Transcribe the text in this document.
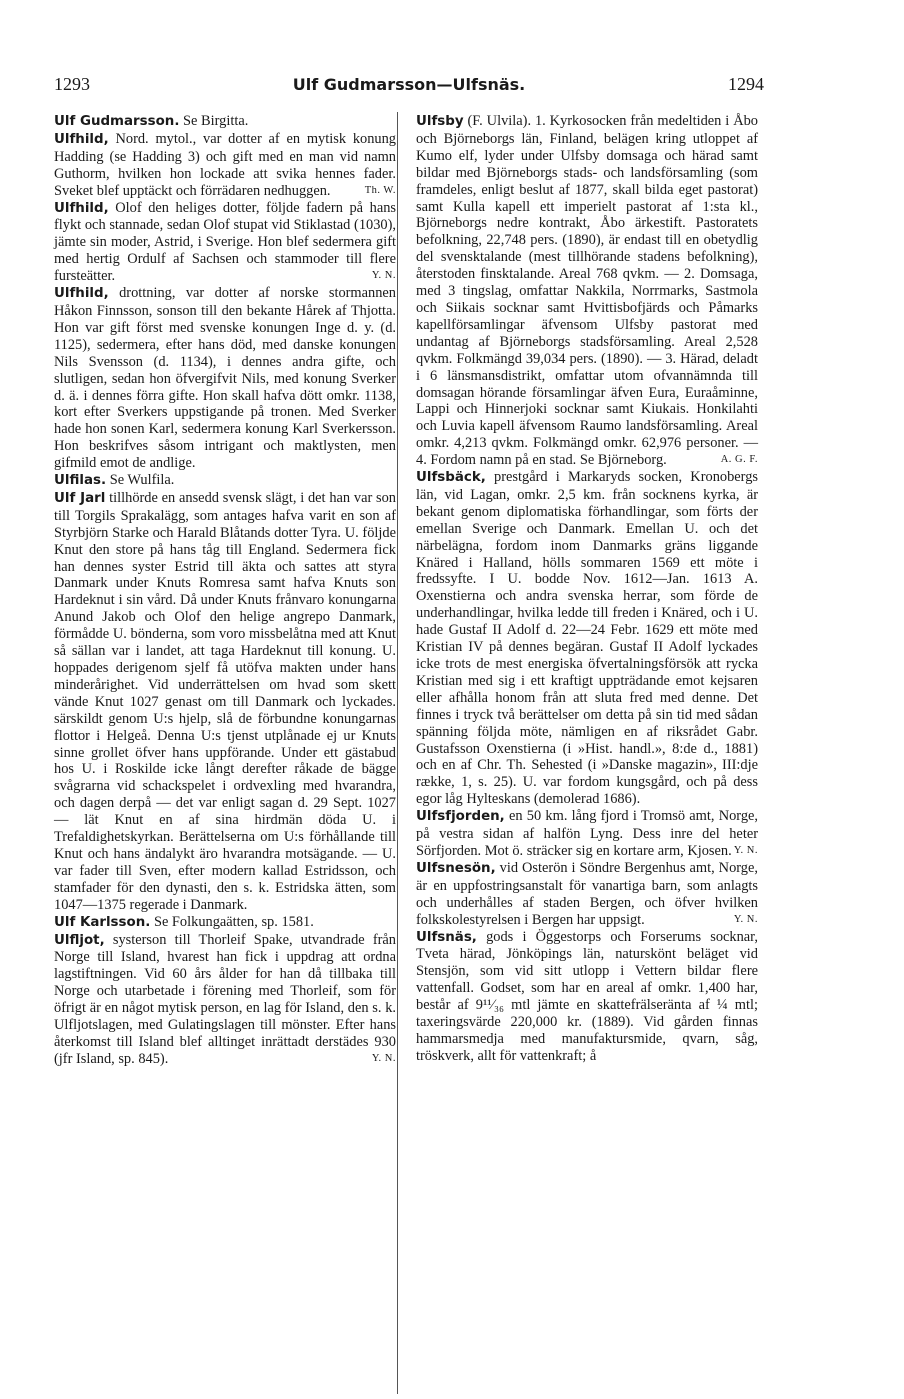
1293	Ulf Gudmarsson—Ulfsnäs.	1294

Ulf Gudmarsson. Se Birgitta.

Ulfhild, Nord. mytol., var dotter af en mytisk konung Hadding (se Hadding 3) och gift med en man vid namn Guthorm, hvilken hon lockade att svika hennes fader. Sveket blef upptäckt och förrädaren nedhuggen.	Th. W.

Ulfhild, Olof den heliges dotter, följde fadern på hans flykt och stannade, sedan Olof stupat vid Stiklastad (1030), jämte sin moder, Astrid, i Sverige. Hon blef sedermera gift med hertig Ordulf af Sachsen och stammoder till flere fursteätter.	Y. N.

Ulfhild, drottning, var dotter af norske stormannen Håkon Finnsson, sonson till den bekante Hårek af Thjotta. Hon var gift först med svenske konungen Inge d. y. (d. 1125), sedermera, efter hans död, med danske konungen Nils Svensson (d. 1134), i dennes andra gifte, och slutligen, sedan hon öfvergifvit Nils, med konung Sverker d. ä. i dennes förra gifte. Hon skall hafva dött omkr. 1138, kort efter Sverkers uppstigande på tronen. Med Sverker hade hon sonen Karl, sedermera konung Karl Sverkersson. Hon beskrifves såsom intrigant och maktlysten, men gifmild emot de andlige.

Ulfilas. Se Wulfila.

Ulf Jarl tillhörde en ansedd svensk slägt, i det han var son till Torgils Sprakalägg, som antages hafva varit en son af Styrbjörn Starke och Harald Blåtands dotter Tyra. U. följde Knut den store på hans tåg till England. Sedermera fick han dennes syster Estrid till äkta och sattes att styra Danmark under Knuts Romresa samt hafva Knuts son Hardeknut i sin vård. Då under Knuts frånvaro konungarna Anund Jakob och Olof den helige angrepo Danmark, förmådde U. bönderna, som voro missbelåtna med att Knut så sällan var i landet, att taga Hardeknut till konung. U. hoppades derigenom sjelf få utöfva makten under hans minderårighet. Vid underrättelsen om hvad som skett vände Knut 1027 genast om till Danmark och lyckades. särskildt genom U:s hjelp, slå de förbundne konungarnas flottor i Helgeå. Denna U:s tjenst utplånade ej ur Knuts sinne grollet öfver hans uppförande. Under ett gästabud hos U. i Roskilde icke långt derefter råkade de bägge svågrarna vid schackspelet i ordvexling med hvarandra, och dagen derpå — det var enligt sagan d. 29 Sept. 1027 — lät Knut en af sina hirdmän döda U. i Trefaldighetskyrkan. Berättelserna om U:s förhållande till Knut och hans ändalykt äro hvarandra motsägande. — U. var fader till Sven, efter modern kallad Estridsson, och stamfader för den dynasti, den s. k. Estridska ätten, som 1047—1375 regerade i Danmark.

Ulf Karlsson. Se Folkungaätten, sp. 1581.

Ulfljot, systerson till Thorleif Spake, utvandrade från Norge till Island, hvarest han fick i uppdrag att ordna lagstiftningen. Vid 60 års ålder for han då tillbaka till Norge och utarbetade i förening med Thorleif, som för öfrigt är en något mytisk person, en lag för Island, den s. k. Ulfljotslagen, med Gulatingslagen till mönster. Efter hans återkomst till Island blef alltinget inrättadt derstädes 930 (jfr Island, sp. 845).	Y. N.

Ulfsby (F. Ulvila). 1. Kyrkosocken från medeltiden i Åbo och Björneborgs län, Finland, belägen kring utloppet af Kumo elf, lyder under Ulfsby domsaga och härad samt bildar med Björneborgs stads- och landsförsamling (som framdeles, enligt beslut af 1877, skall bilda eget pastorat) samt Kulla kapell ett imperielt pastorat af 1:sta kl., Björneborgs nedre kontrakt, Åbo ärkestift. Pastoratets befolkning, 22,748 pers. (1890), är endast till en obetydlig del svensktalande (mest tillhörande stadens befolkning), återstoden finsktalande. Areal 768 qvkm. — 2. Domsaga, med 3 tingslag, omfattar Nakkila, Norrmarks, Sastmola och Siikais socknar samt Hvittisbofjärds och Påmarks kapellförsamlingar äfvensom Ulfsby pastorat med undantag af Björneborgs stadsförsamling. Areal 2,528 qvkm. Folkmängd 39,034 pers. (1890). — 3. Härad, deladt i 6 länsmansdistrikt, omfattar utom ofvannämnda till domsagan hörande församlingar äfven Eura, Euraåminne, Lappi och Hinnerjoki socknar samt Kiukais. Honkilahti och Luvia kapell äfvensom Raumo landsförsamling. Areal omkr. 4,213 qvkm. Folkmängd omkr. 62,976 personer. — 4. Fordom namn på en stad. Se Björneborg.	A. G. F.

Ulfsbäck, prestgård i Markaryds socken, Kronobergs län, vid Lagan, omkr. 2,5 km. från socknens kyrka, är bekant genom diplomatiska förhandlingar, som förts der emellan Sverige och Danmark. Emellan U. och det närbelägna, fordom inom Danmarks gräns liggande Knäred i Halland, hölls sommaren 1569 ett möte i fredssyfte. I U. bodde Nov. 1612—Jan. 1613 A. Oxenstierna och andra svenska herrar, som förde de underhandlingar, hvilka ledde till freden i Knäred, och i U. hade Gustaf II Adolf d. 22—24 Febr. 1629 ett möte med Kristian IV på dennes begäran. Gustaf II Adolf lyckades icke trots de mest energiska öfvertalningsförsök att rycka Kristian med sig i ett kraftigt uppträdande emot kejsaren eller afhålla honom från att sluta fred med denne. Det finnes i tryck två berättelser om detta på sin tid med sådan spänning följda möte, nämligen en af riksrådet Gabr. Gustafsson Oxenstierna (i »Hist. handl.», 8:de d., 1881) och en af Chr. Th. Sehested (i »Danske magazin», III:dje række, 1, s. 25). U. var fordom kungsgård, och på dess egor låg Hylteskans (demolerad 1686).

Ulfsfjorden, en 50 km. lång fjord i Tromsö amt, Norge, på vestra sidan af halfön Lyng. Dess inre del heter Sörfjorden. Mot ö. sträcker sig en kortare arm, Kjosen. Y. N.

Ulfsnesön, vid Osterön i Söndre Bergenhus amt, Norge, är en uppfostringsanstalt för vanartiga barn, som anlagts och underhålles af staden Bergen, och öfver hvilken folkskolestyrelsen i Bergen har uppsigt.	Y. N.

Ulfsnäs, gods i Öggestorps och Forserums socknar, Tveta härad, Jönköpings län, naturskönt beläget vid Stensjön, som vid sitt utlopp i Vettern bildar flere vattenfall. Godset, som har en areal af omkr. 1,400 har, består af 9¹¹⁄₃₆ mtl jämte en skattefrälseränta af ¼ mtl; taxeringsvärde 220,000 kr. (1889). Vid gården finnas hammarsmedja med manufaktursmide, qvarn, såg, tröskverk, allt för vattenkraft; å
